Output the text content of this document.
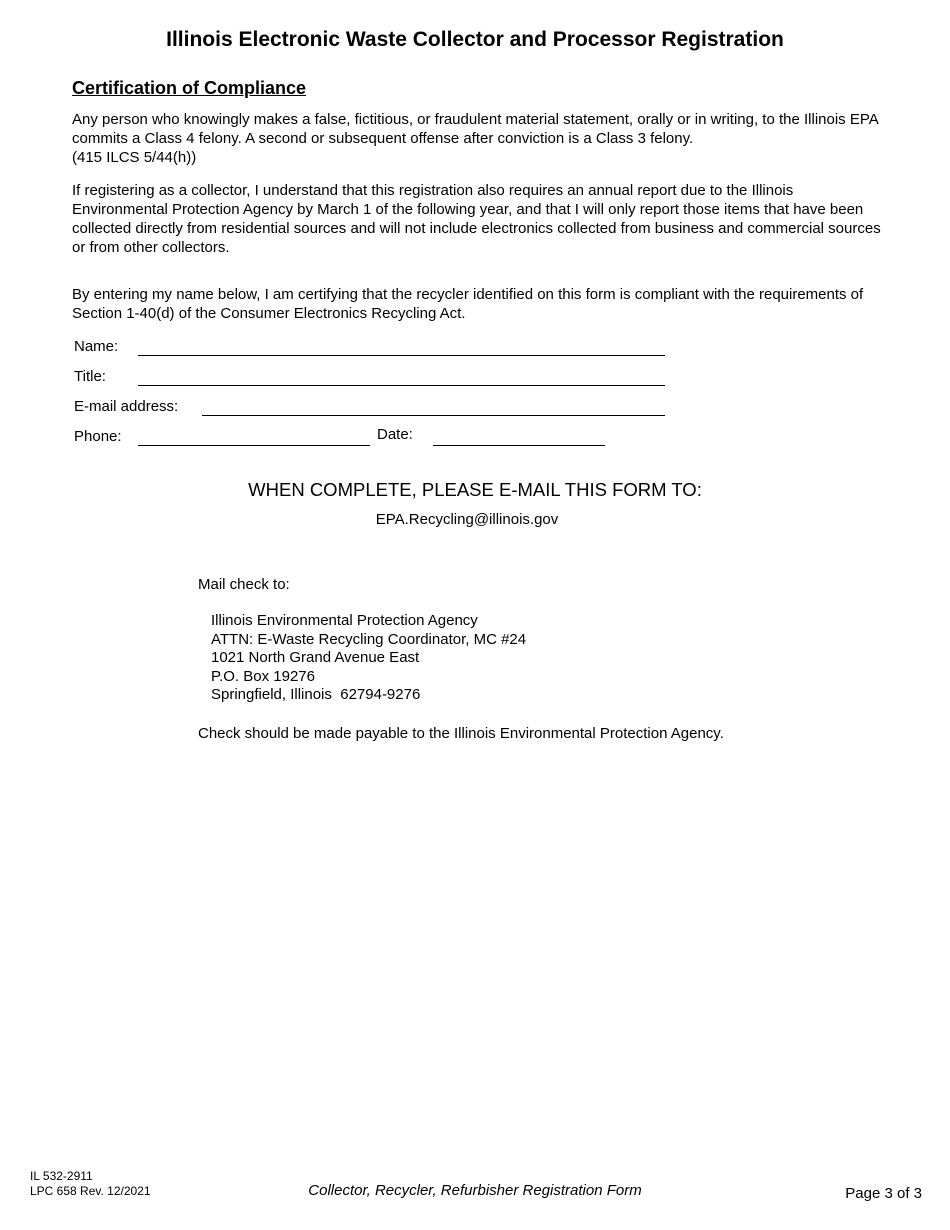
Illinois Electronic Waste Collector and Processor Registration
Certification of Compliance
Any person who knowingly makes a false, fictitious, or fraudulent material statement, orally or in writing, to the Illinois EPA commits a Class 4 felony. A second or subsequent offense after conviction is a Class 3 felony.
(415 ILCS 5/44(h))
If registering as a collector, I understand that this registration also requires an annual report due to the Illinois Environmental Protection Agency by March 1 of the following year, and that I will only report those items that have been collected directly from residential sources and will not include electronics collected from business and commercial sources or from other collectors.
By entering my name below, I am certifying that the recycler identified on this form is compliant with the requirements of Section 1-40(d) of the Consumer Electronics Recycling Act.
Name:
Title:
E-mail address:
Phone:	Date:
WHEN COMPLETE, PLEASE E-MAIL THIS FORM TO:
EPA.Recycling@illinois.gov
Mail check to:
Illinois Environmental Protection Agency
ATTN: E-Waste Recycling Coordinator, MC #24
1021 North Grand Avenue East
P.O. Box 19276
Springfield, Illinois  62794-9276
Check should be made payable to the Illinois Environmental Protection Agency.
IL 532-2911
LPC 658 Rev. 12/2021	Collector, Recycler, Refurbisher Registration Form	Page 3 of 3
